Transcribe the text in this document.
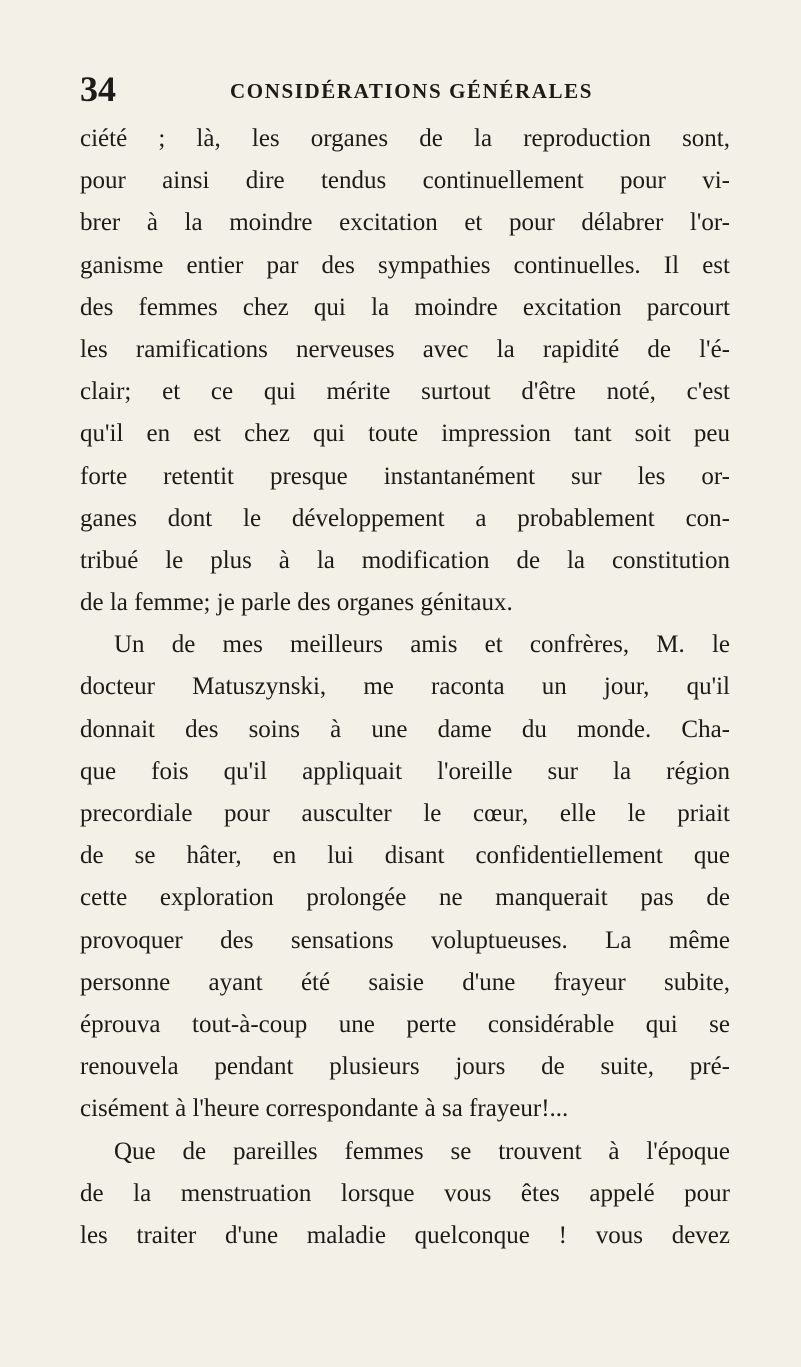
34	CONSIDÉRATIONS GÉNÉRALES
ciété ; là, les organes de la reproduction sont,
pour ainsi dire tendus continuellement pour vi-
brer à la moindre excitation et pour délabrer l'or-
ganisme entier par des sympathies continuelles. Il est
des femmes chez qui la moindre excitation parcourt
les ramifications nerveuses avec la rapidité de l'é-
clair; et ce qui mérite surtout d'être noté, c'est
qu'il en est chez qui toute impression tant soit peu
forte retentit presque instantanément sur les or-
ganes dont le développement a probablement con-
tribué le plus à la modification de la constitution
de la femme; je parle des organes génitaux.
Un de mes meilleurs amis et confrères, M. le
docteur Matuszynski, me raconta un jour, qu'il
donnait des soins à une dame du monde. Cha-
que fois qu'il appliquait l'oreille sur la région
precordiale pour ausculter le cœur, elle le priait
de se hâter, en lui disant confidentiellement que
cette exploration prolongée ne manquerait pas de
provoquer des sensations voluptueuses. La même
personne ayant été saisie d'une frayeur subite,
éprouva tout-à-coup une perte considérable qui se
renouvela pendant plusieurs jours de suite, pré-
cisément à l'heure correspondante à sa frayeur!...
Que de pareilles femmes se trouvent à l'époque
de la menstruation lorsque vous êtes appelé pour
les traiter d'une maladie quelconque ! vous devez
